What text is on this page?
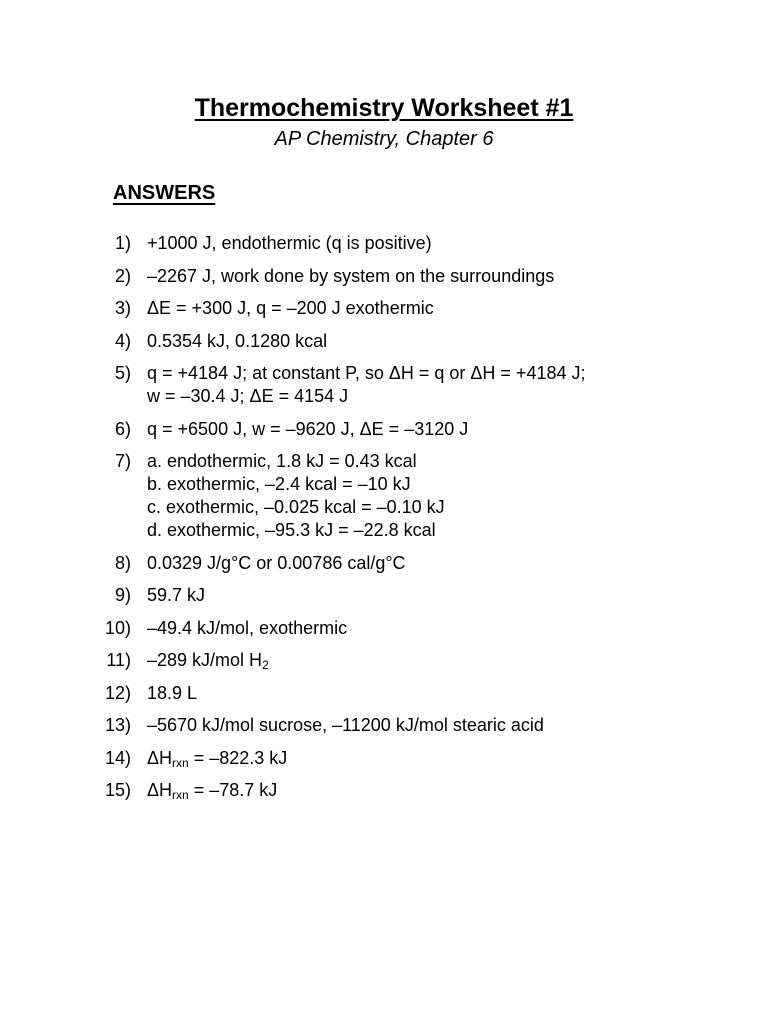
Thermochemistry Worksheet #1
AP Chemistry, Chapter 6
ANSWERS
1) +1000 J, endothermic (q is positive)
2) –2267 J, work done by system on the surroundings
3) ΔE = +300 J, q = –200 J exothermic
4) 0.5354 kJ, 0.1280 kcal
5) q = +4184 J; at constant P, so ΔH = q or ΔH = +4184 J;
w = –30.4 J; ΔE = 4154 J
6) q = +6500 J, w = –9620 J, ΔE = –3120 J
7) a. endothermic, 1.8 kJ = 0.43 kcal
b. exothermic, –2.4 kcal = –10 kJ
c. exothermic, –0.025 kcal = –0.10 kJ
d. exothermic, –95.3 kJ = –22.8 kcal
8) 0.0329 J/g°C or 0.00786 cal/g°C
9) 59.7 kJ
10) –49.4 kJ/mol, exothermic
11) –289 kJ/mol $H_2$
12) 18.9 L
13) –5670 kJ/mol sucrose, –11200 kJ/mol stearic acid
14) $\Delta H_{rxn} = -822.3$ kJ
15) $\Delta H_{rxn} = -78.7$ kJ
